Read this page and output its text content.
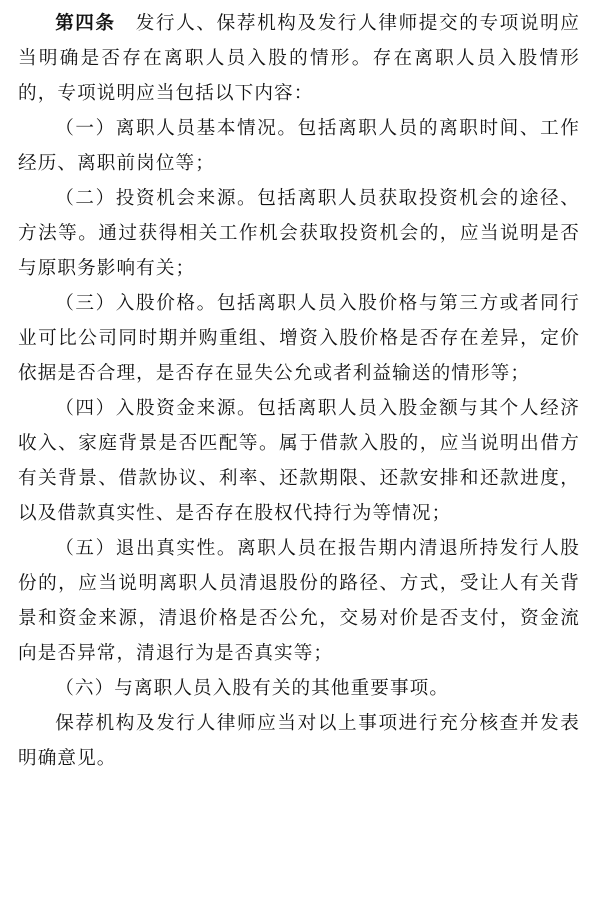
第四条  发行人、保荐机构及发行人律师提交的专项说明应当明确是否存在离职人员入股的情形。存在离职人员入股情形的，专项说明应当包括以下内容：

（一）离职人员基本情况。包括离职人员的离职时间、工作经历、离职前岗位等；

（二）投资机会来源。包括离职人员获取投资机会的途径、方法等。通过获得相关工作机会获取投资机会的，应当说明是否与原职务影响有关；

（三）入股价格。包括离职人员入股价格与第三方或者同行业可比公司同时期并购重组、增资入股价格是否存在差异，定价依据是否合理，是否存在显失公允或者利益输送的情形等；

（四）入股资金来源。包括离职人员入股金额与其个人经济收入、家庭背景是否匹配等。属于借款入股的，应当说明出借方有关背景、借款协议、利率、还款期限、还款安排和还款进度，以及借款真实性、是否存在股权代持行为等情况；

（五）退出真实性。离职人员在报告期内清退所持发行人股份的，应当说明离职人员清退股份的路径、方式，受让人有关背景和资金来源，清退价格是否公允，交易对价是否支付，资金流向是否异常，清退行为是否真实等；

（六）与离职人员入股有关的其他重要事项。

保荐机构及发行人律师应当对以上事项进行充分核查并发表明确意见。
